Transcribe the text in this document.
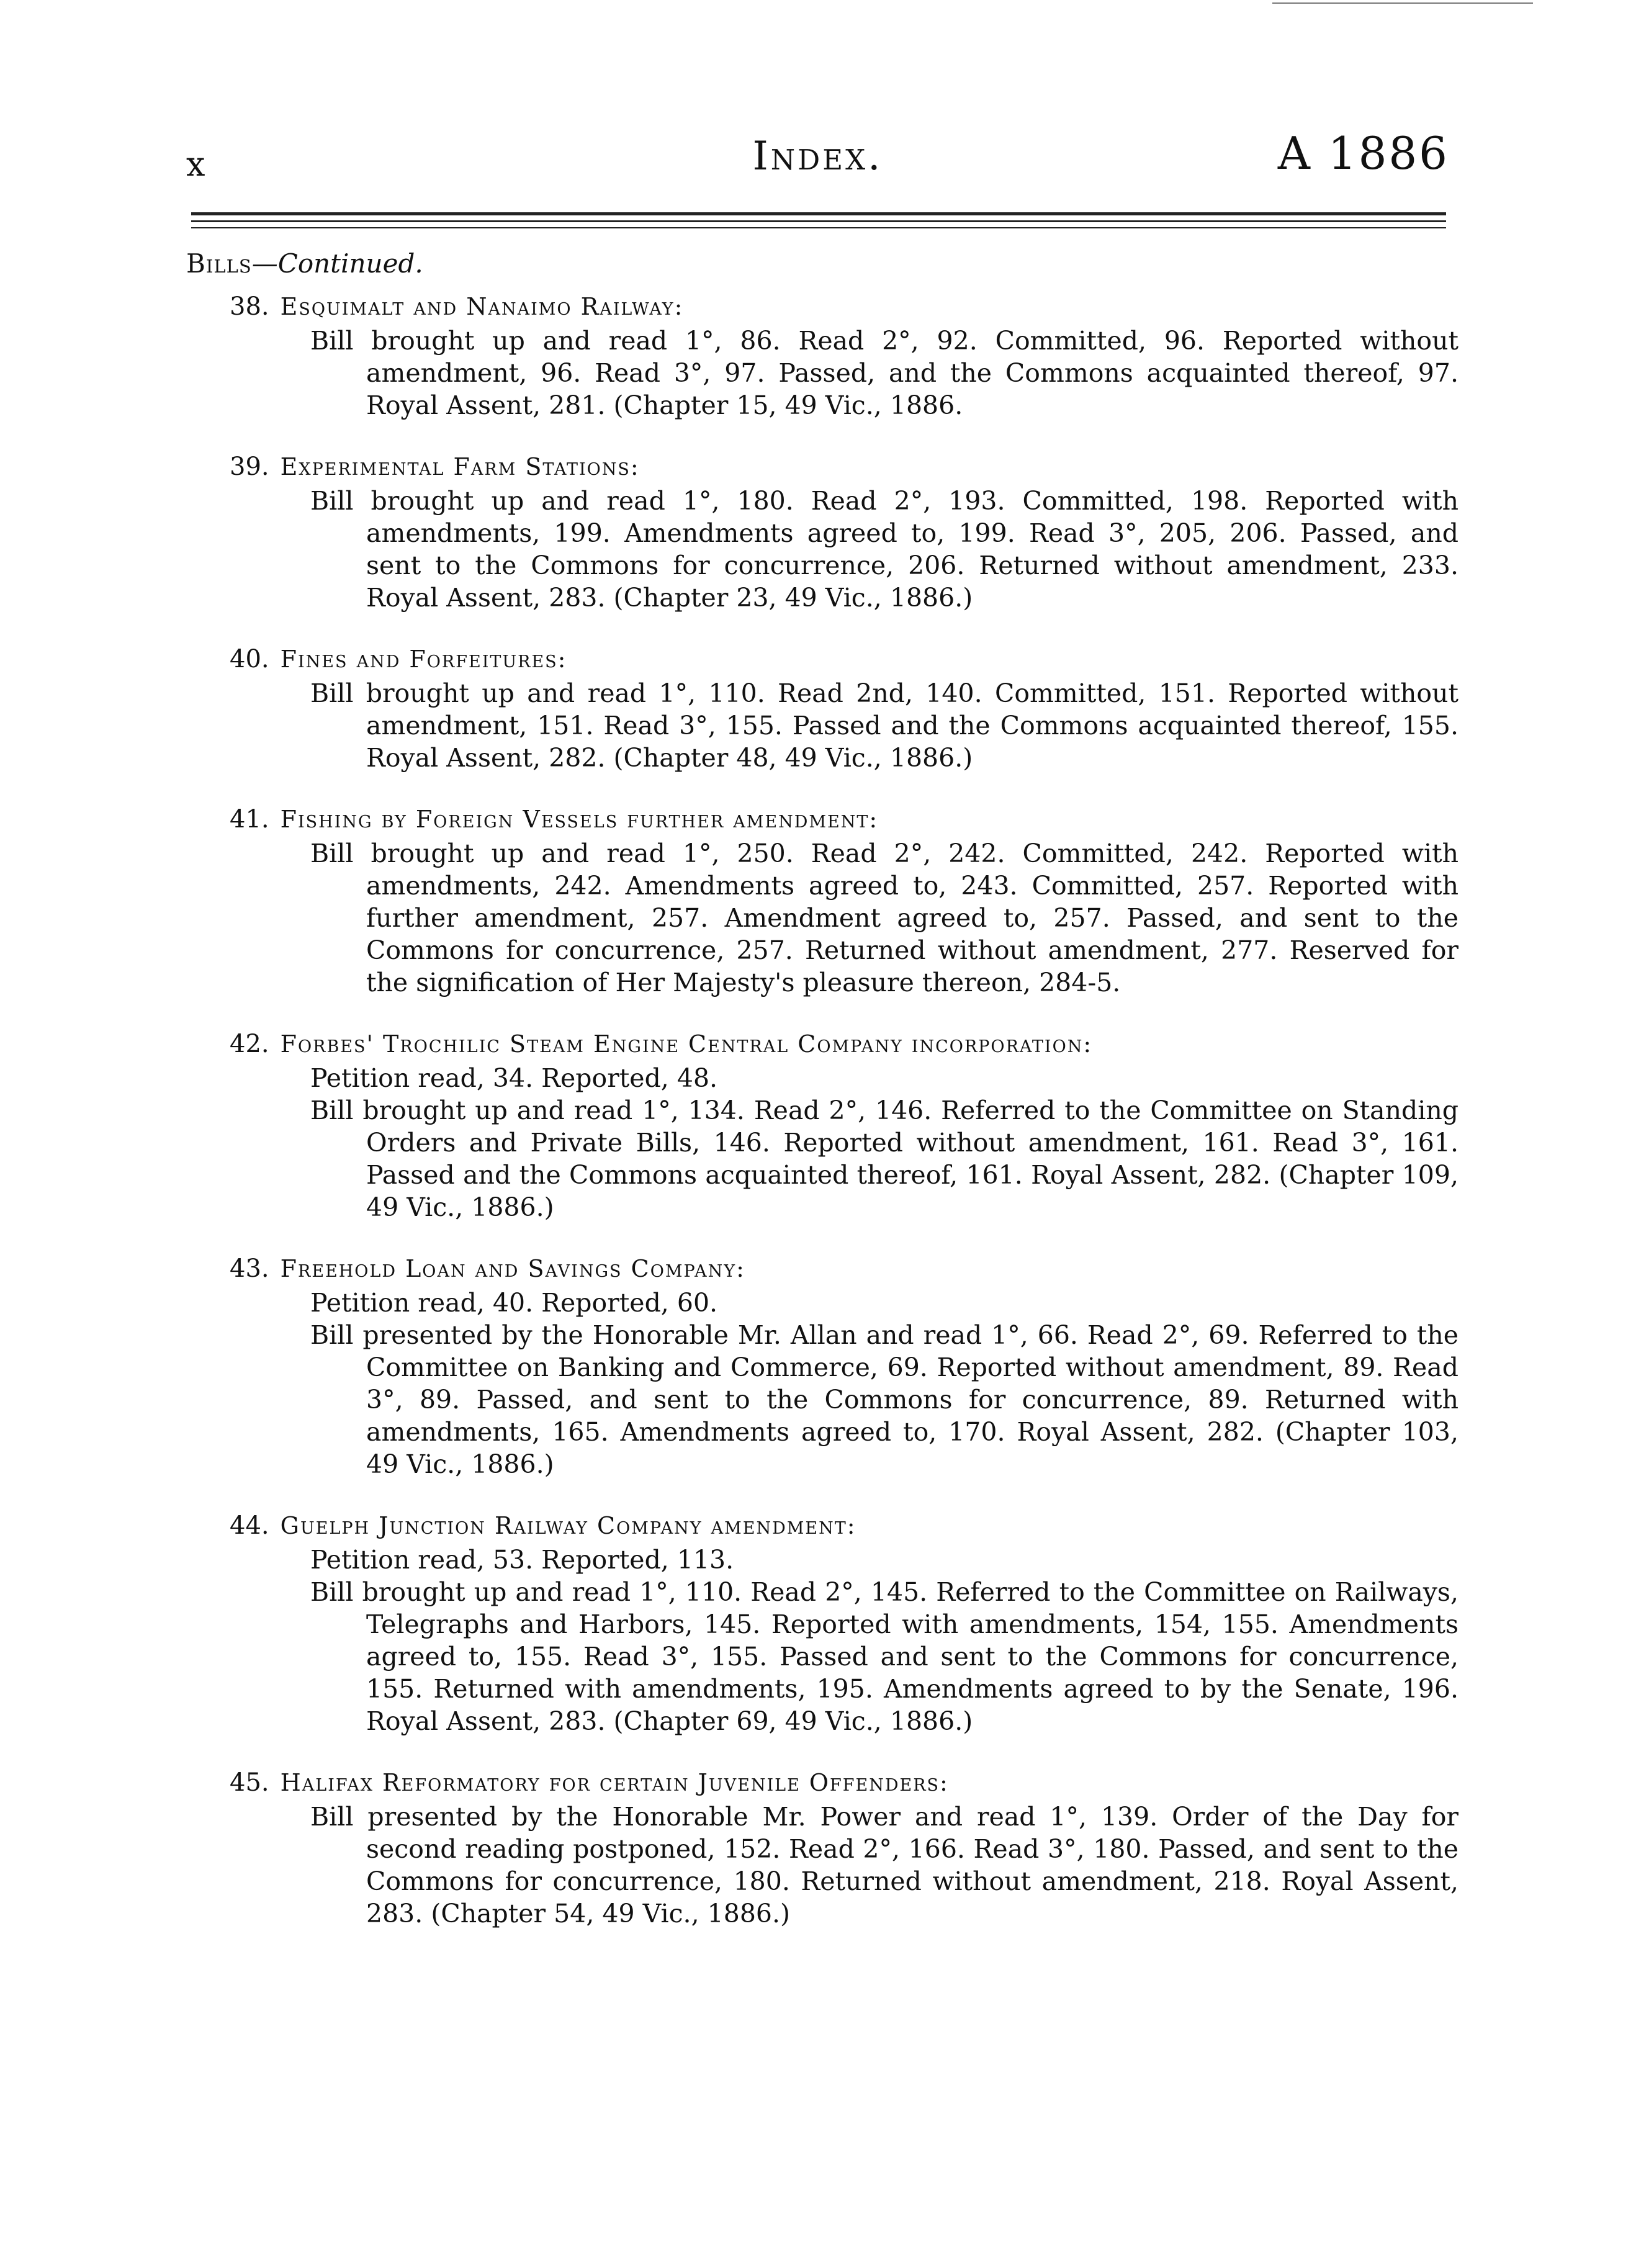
x	Index.	A 1886
Bills—Continued.
38. Esquimalt and Nanaimo Railway:

Bill brought up and read 1°, 86. Read 2°, 92. Committed, 96. Reported without amendment, 96. Read 3°, 97. Passed, and the Commons acquainted thereof, 97. Royal Assent, 281. (Chapter 15, 49 Vic., 1886.

39. Experimental Farm Stations:

Bill brought up and read 1°, 180. Read 2°, 193. Committed, 198. Reported with amendments, 199. Amendments agreed to, 199. Read 3°, 205, 206. Passed, and sent to the Commons for concurrence, 206. Returned without amendment, 233. Royal Assent, 283. (Chapter 23, 49 Vic., 1886.)

40. Fines and Forfeitures:

Bill brought up and read 1°, 110. Read 2nd, 140. Committed, 151. Reported without amendment, 151. Read 3°, 155. Passed and the Commons acquainted thereof, 155. Royal Assent, 282. (Chapter 48, 49 Vic., 1886.)

41. Fishing by Foreign Vessels further amendment:

Bill brought up and read 1°, 250. Read 2°, 242. Committed, 242. Reported with amendments, 242. Amendments agreed to, 243. Committed, 257. Reported with further amendment, 257. Amendment agreed to, 257. Passed, and sent to the Commons for concurrence, 257. Returned without amendment, 277. Reserved for the signification of Her Majesty's pleasure thereon, 284-5.

42. Forbes' Trochilic Steam Engine Central Company incorporation:

Petition read, 34. Reported, 48.

Bill brought up and read 1°, 134. Read 2°, 146. Referred to the Committee on Standing Orders and Private Bills, 146. Reported without amendment, 161. Read 3°, 161. Passed and the Commons acquainted thereof, 161. Royal Assent, 282. (Chapter 109, 49 Vic., 1886.)

43. Freehold Loan and Savings Company:

Petition read, 40. Reported, 60.

Bill presented by the Honorable Mr. Allan and read 1°, 66. Read 2°, 69. Referred to the Committee on Banking and Commerce, 69. Reported without amendment, 89. Read 3°, 89. Passed, and sent to the Commons for concurrence, 89. Returned with amendments, 165. Amendments agreed to, 170. Royal Assent, 282. (Chapter 103, 49 Vic., 1886.)

44. Guelph Junction Railway Company amendment:

Petition read, 53. Reported, 113.

Bill brought up and read 1°, 110. Read 2°, 145. Referred to the Committee on Railways, Telegraphs and Harbors, 145. Reported with amendments, 154, 155. Amendments agreed to, 155. Read 3°, 155. Passed and sent to the Commons for concurrence, 155. Returned with amendments, 195. Amendments agreed to by the Senate, 196. Royal Assent, 283. (Chapter 69, 49 Vic., 1886.)

45. Halifax Reformatory for certain Juvenile Offenders:

Bill presented by the Honorable Mr. Power and read 1°, 139. Order of the Day for second reading postponed, 152. Read 2°, 166. Read 3°, 180. Passed, and sent to the Commons for concurrence, 180. Returned without amendment, 218. Royal Assent, 283. (Chapter 54, 49 Vic., 1886.)
